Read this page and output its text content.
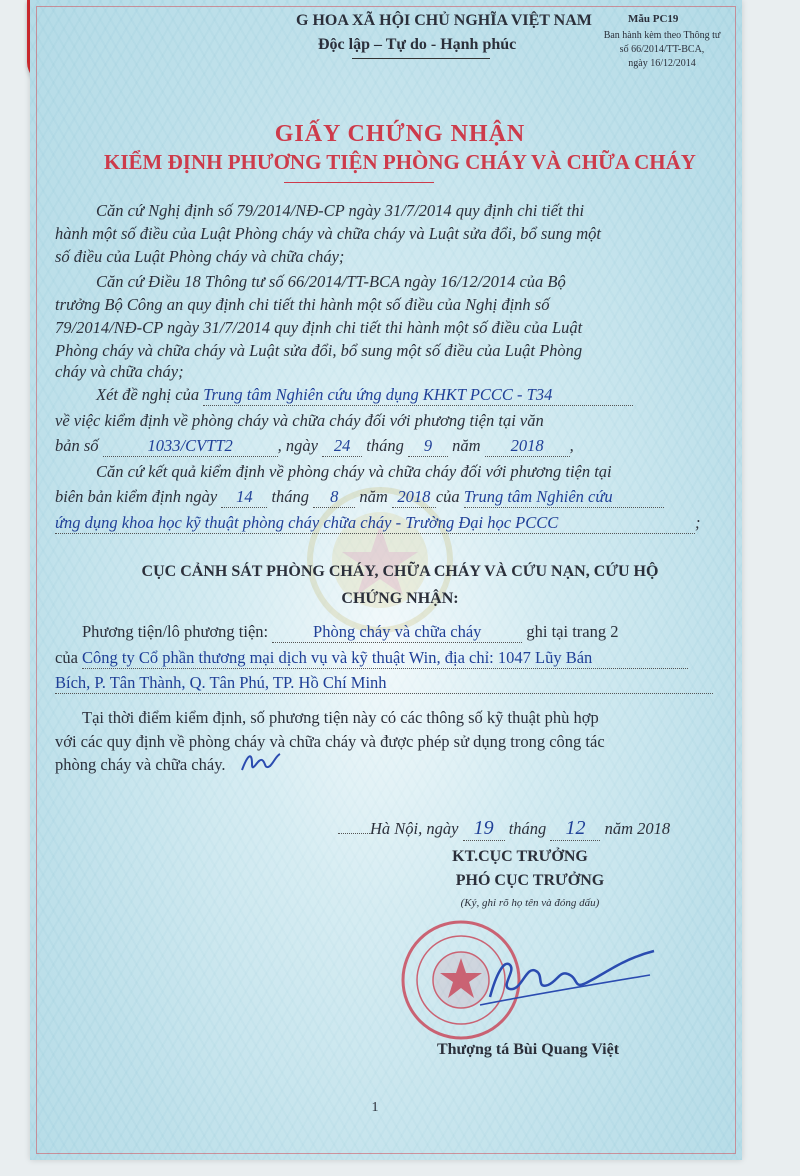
G HOA XÃ HỘI CHỦ NGHĨA VIỆT NAM
Độc lập – Tự do - Hạnh phúc
Mẫu PC19
Ban hành kèm theo Thông tư
số 66/2014/TT-BCA,
ngày 16/12/2014
GIẤY CHỨNG NHẬN
KIỂM ĐỊNH PHƯƠNG TIỆN PHÒNG CHÁY VÀ CHỮA CHÁY
Căn cứ Nghị định số 79/2014/NĐ-CP ngày 31/7/2014 quy định chi tiết thi
hành một số điều của Luật Phòng cháy và chữa cháy và Luật sửa đổi, bổ sung một
số điều của Luật Phòng cháy và chữa cháy;
Căn cứ Điều 18 Thông tư số 66/2014/TT-BCA ngày 16/12/2014 của Bộ
trưởng Bộ Công an quy định chi tiết thi hành một số điều của Nghị định số
79/2014/NĐ-CP ngày 31/7/2014 quy định chi tiết thi hành một số điều của Luật
Phòng cháy và chữa cháy và Luật sửa đổi, bổ sung một số điều của Luật Phòng
cháy và chữa cháy;
Xét đề nghị của Trung tâm Nghiên cứu ứng dụng KHKT PCCC - T34
về việc kiểm định về phòng cháy và chữa cháy đối với phương tiện tại văn
bản số	1033/CVTT2	, ngày 24 tháng 9 năm 2018 ,
Căn cứ kết quả kiểm định về phòng cháy và chữa cháy đối với phương tiện tại
biên bản kiểm định ngày 14 tháng 8 năm 2018 của Trung tâm Nghiên cứu
ứng dụng khoa học kỹ thuật phòng cháy chữa cháy - Trường Đại học PCCC	;
CỤC CẢNH SÁT PHÒNG CHÁY, CHỮA CHÁY VÀ CỨU NẠN, CỨU HỘ
CHỨNG NHẬN:
Phương tiện/lô phương tiện:	Phòng cháy và chữa cháy	ghi tại trang 2
của Công ty Cổ phần thương mại dịch vụ và kỹ thuật Win, địa chỉ: 1047 Lũy Bán
Bích, P. Tân Thành, Q. Tân Phú, TP. Hồ Chí Minh
Tại thời điểm kiểm định, số phương tiện này có các thông số kỹ thuật phù hợp
với các quy định về phòng cháy và chữa cháy và được phép sử dụng trong công tác
phòng cháy và chữa cháy.
Hà Nội, ngày 19 tháng 12 năm 2018
KT.CỤC TRƯỞNG
PHÓ CỤC TRƯỞNG
(Ký, ghi rõ họ tên và đóng dấu)
Thượng tá Bùi Quang Việt
1
